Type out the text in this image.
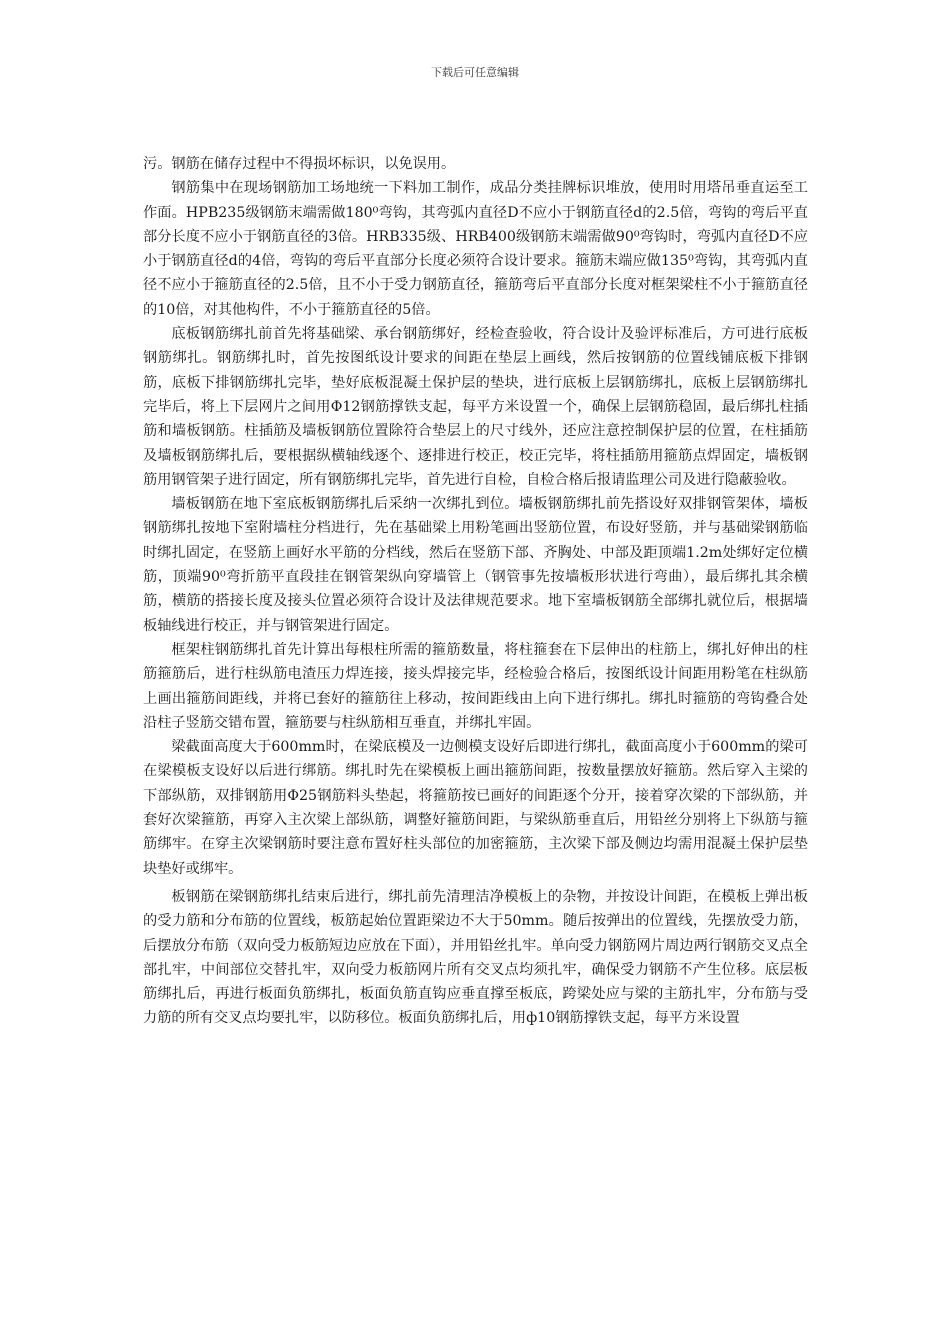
下载后可任意编辑

污。钢筋在储存过程中不得损坏标识，以免误用。

钢筋集中在现场钢筋加工场地统一下料加工制作，成品分类挂牌标识堆放，使用时用塔吊垂直运至工作面。HPB235级钢筋末端需做180⁰弯钩，其弯弧内直径D不应小于钢筋直径d的2.5倍，弯钩的弯后平直部分长度不应小于钢筋直径的3倍。HRB335级、HRB400级钢筋末端需做90⁰弯钩时，弯弧内直径D不应小于钢筋直径d的4倍，弯钩的弯后平直部分长度必须符合设计要求。箍筋末端应做135⁰弯钩，其弯弧内直径不应小于箍筋直径的2.5倍，且不小于受力钢筋直径，箍筋弯后平直部分长度对框架梁柱不小于箍筋直径的10倍，对其他构件，不小于箍筋直径的5倍。

底板钢筋绑扎前首先将基础梁、承台钢筋绑好，经检查验收，符合设计及验评标准后，方可进行底板钢筋绑扎。钢筋绑扎时，首先按图纸设计要求的间距在垫层上画线，然后按钢筋的位置线铺底板下排钢筋，底板下排钢筋绑扎完毕，垫好底板混凝土保护层的垫块，进行底板上层钢筋绑扎，底板上层钢筋绑扎完毕后，将上下层网片之间用Φ12钢筋撑铁支起，每平方米设置一个，确保上层钢筋稳固，最后绑扎柱插筋和墙板钢筋。柱插筋及墙板钢筋位置除符合垫层上的尺寸线外，还应注意控制保护层的位置，在柱插筋及墙板钢筋绑扎后，要根据纵横轴线逐个、逐排进行校正，校正完毕，将柱插筋用箍筋点焊固定，墙板钢筋用钢管架子进行固定，所有钢筋绑扎完毕，首先进行自检，自检合格后报请监理公司及进行隐蔽验收。

墙板钢筋在地下室底板钢筋绑扎后采纳一次绑扎到位。墙板钢筋绑扎前先搭设好双排钢管架体，墙板钢筋绑扎按地下室附墙柱分档进行，先在基础梁上用粉笔画出竖筋位置，布设好竖筋，并与基础梁钢筋临时绑扎固定，在竖筋上画好水平筋的分档线，然后在竖筋下部、齐胸处、中部及距顶端1.2m处绑好定位横筋，顶端90⁰弯折筋平直段挂在钢管架纵向穿墙管上（钢管事先按墙板形状进行弯曲），最后绑扎其余横筋，横筋的搭接长度及接头位置必须符合设计及法律规范要求。地下室墙板钢筋全部绑扎就位后，根据墙板轴线进行校正，并与钢管架进行固定。

框架柱钢筋绑扎首先计算出每根柱所需的箍筋数量，将柱箍套在下层伸出的柱筋上，绑扎好伸出的柱筋箍筋后，进行柱纵筋电渣压力焊连接，接头焊接完毕，经检验合格后，按图纸设计间距用粉笔在柱纵筋上画出箍筋间距线，并将已套好的箍筋往上移动，按间距线由上向下进行绑扎。绑扎时箍筋的弯钩叠合处沿柱子竖筋交错布置，箍筋要与柱纵筋相互垂直，并绑扎牢固。

梁截面高度大于600mm时，在梁底模及一边侧模支设好后即进行绑扎，截面高度小于600mm的梁可在梁模板支设好以后进行绑筋。绑扎时先在梁模板上画出箍筋间距，按数量摆放好箍筋。然后穿入主梁的下部纵筋，双排钢筋用Φ25钢筋料头垫起，将箍筋按已画好的间距逐个分开，接着穿次梁的下部纵筋，并套好次梁箍筋，再穿入主次梁上部纵筋，调整好箍筋间距，与梁纵筋垂直后，用铅丝分别将上下纵筋与箍筋绑牢。在穿主次梁钢筋时要注意布置好柱头部位的加密箍筋，主次梁下部及侧边均需用混凝土保护层垫块垫好或绑牢。

板钢筋在梁钢筋绑扎结束后进行，绑扎前先清理洁净模板上的杂物，并按设计间距，在模板上弹出板的受力筋和分布筋的位置线，板筋起始位置距梁边不大于50mm。随后按弹出的位置线，先摆放受力筋，后摆放分布筋（双向受力板筋短边应放在下面），并用铅丝扎牢。单向受力钢筋网片周边两行钢筋交叉点全部扎牢，中间部位交替扎牢，双向受力板筋网片所有交叉点均须扎牢，确保受力钢筋不产生位移。底层板筋绑扎后，再进行板面负筋绑扎，板面负筋直钩应垂直撑至板底，跨梁处应与梁的主筋扎牢，分布筋与受力筋的所有交叉点均要扎牢，以防移位。板面负筋绑扎后，用ф10钢筋撑铁支起，每平方米设置
